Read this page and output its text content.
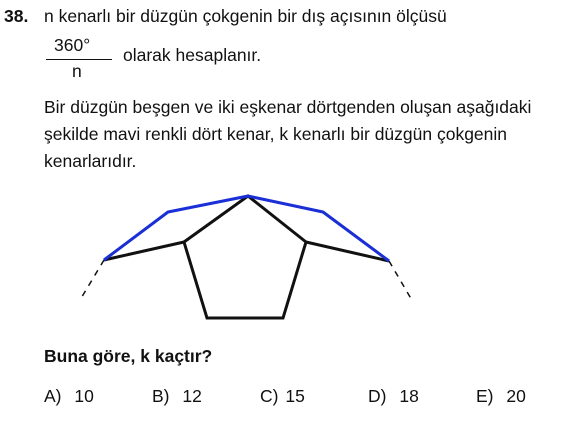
38. n kenarlı bir düzgün çokgenin bir dış açısının ölçüsü
360°
n
olarak hesaplanır.
Bir düzgün beşgen ve iki eşkenar dörtgenden oluşan aşağıdaki şekilde mavi renkli dört kenar, k kenarlı bir düzgün çokgenin kenarlarıdır.
Buna göre, k kaçtır?
A) 10	B) 12	C) 15	D) 18	E) 20
